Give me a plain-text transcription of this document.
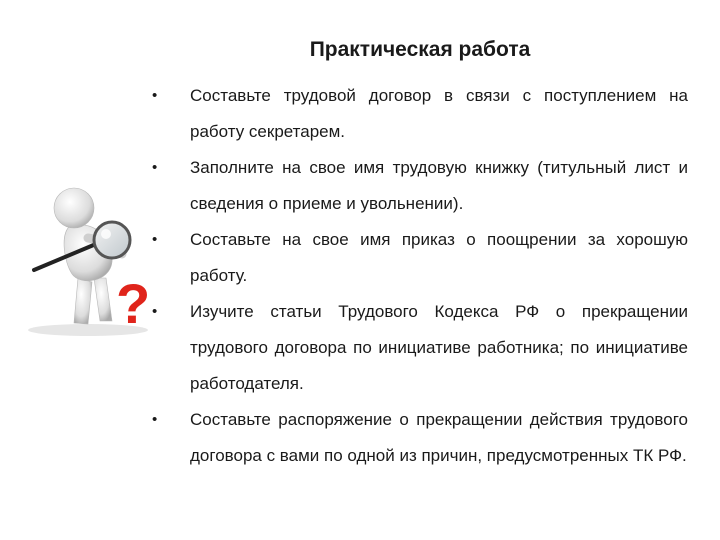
Практическая работа
• Составьте трудовой договор в связи с поступлением на работу секретарем.
• Заполните на свое имя трудовую книжку (титульный лист и сведения о приеме и увольнении).
• Составьте на свое имя приказ о поощрении за хорошую работу.
• Изучите статьи Трудового Кодекса РФ о прекращении трудового договора по инициативе работника; по инициативе работодателя.
• Составьте распоряжение о прекращении действия трудового договора с вами по одной из причин, предусмотренных ТК РФ.
?
